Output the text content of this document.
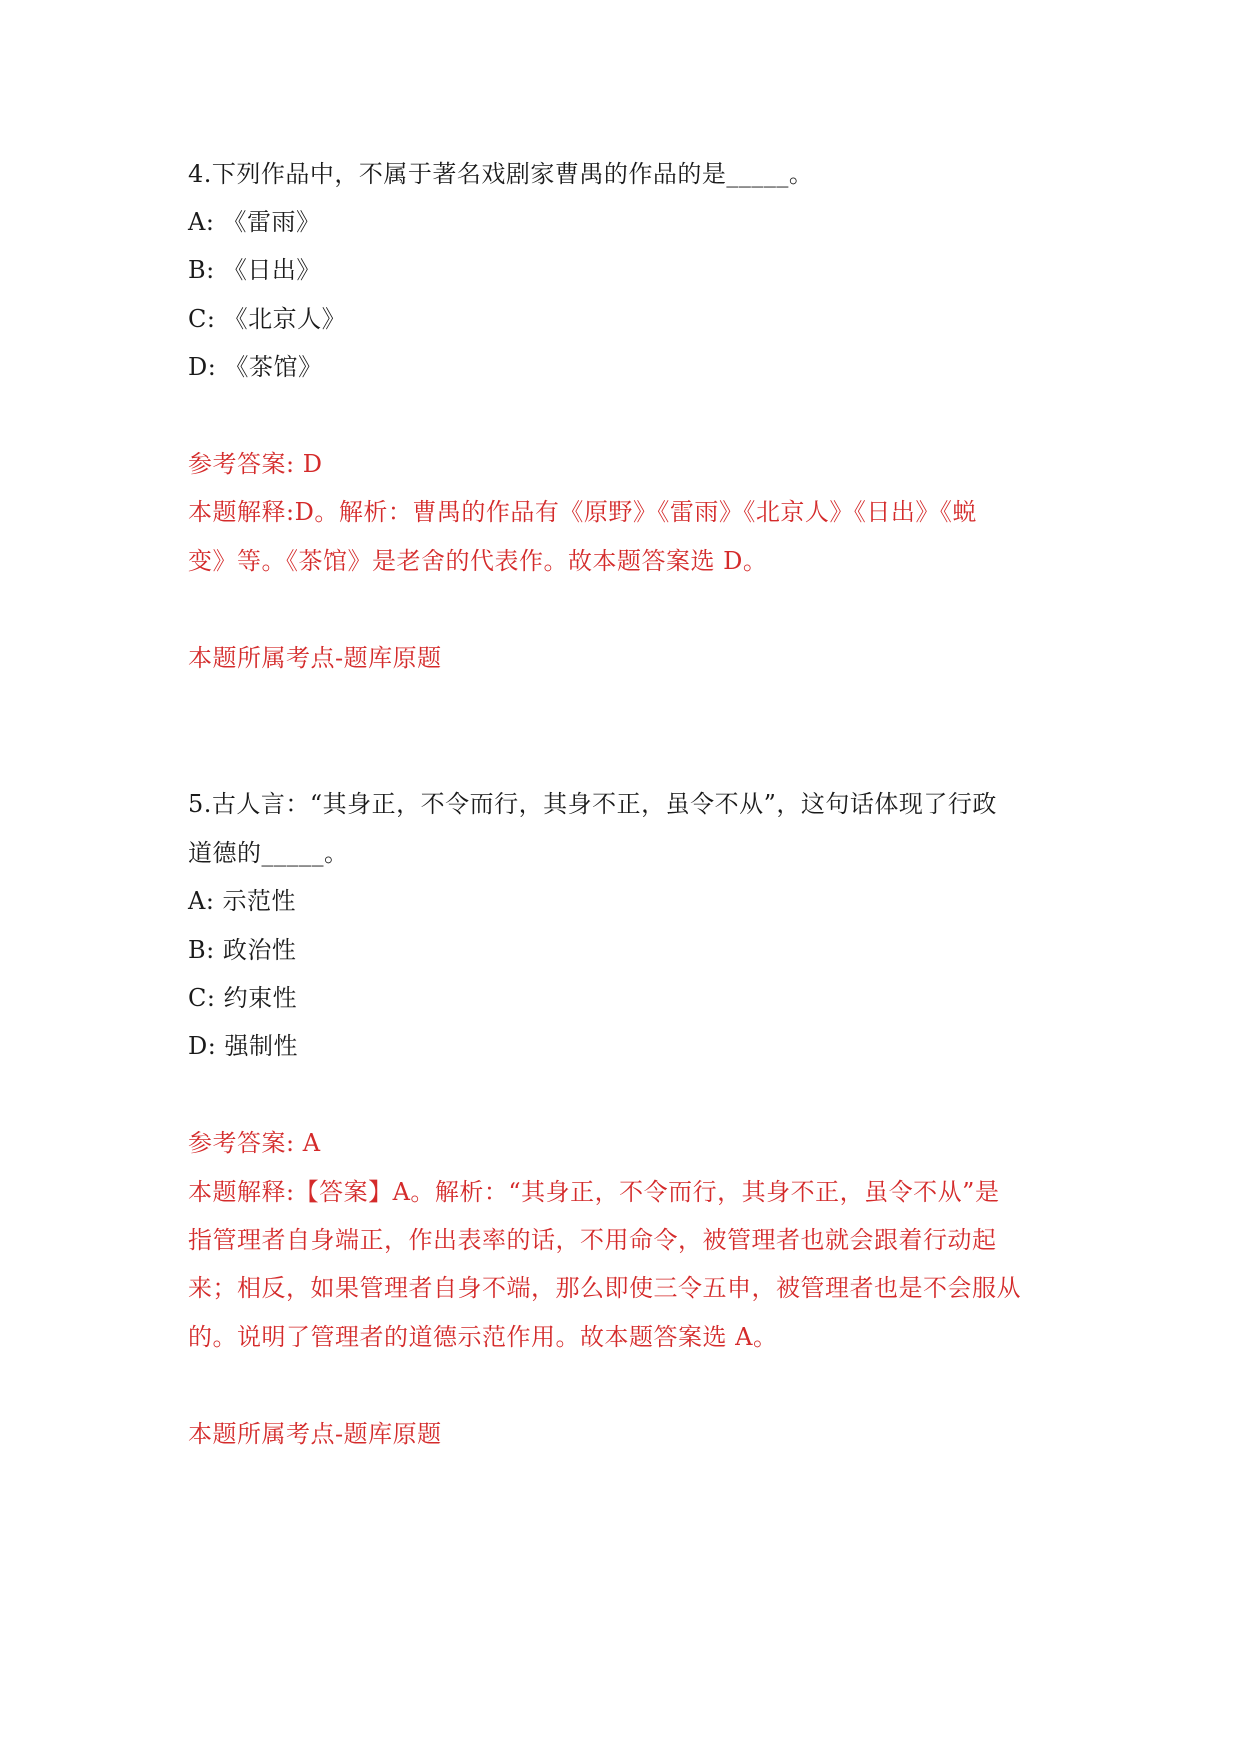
4.下列作品中，不属于著名戏剧家曹禺的作品的是_____。
A: 《雷雨》
B: 《日出》
C: 《北京人》
D: 《茶馆》
参考答案: D
本题解释:D。解析：曹禺的作品有《原野》《雷雨》《北京人》《日出》《蜕
变》等。《茶馆》是老舍的代表作。故本题答案选 D。
本题所属考点-题库原题
5.古人言：“其身正，不令而行，其身不正，虽令不从”，这句话体现了行政
道德的_____。
A: 示范性
B: 政治性
C: 约束性
D: 强制性
参考答案: A
本题解释:【答案】A。解析：“其身正，不令而行，其身不正，虽令不从”是
指管理者自身端正，作出表率的话，不用命令，被管理者也就会跟着行动起
来；相反，如果管理者自身不端，那么即使三令五申，被管理者也是不会服从
的。说明了管理者的道德示范作用。故本题答案选 A。
本题所属考点-题库原题
